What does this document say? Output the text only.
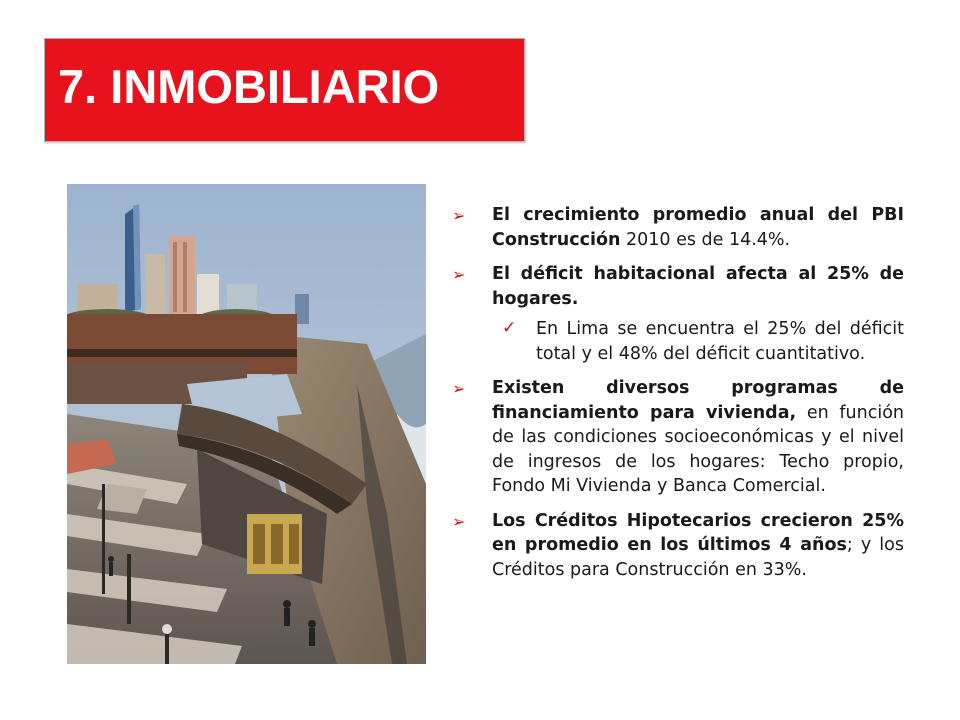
7. INMOBILIARIO
➢ El crecimiento promedio anual del PBI Construcción 2010 es de 14.4%.
➢ El déficit habitacional afecta al 25% de hogares.
✓ En Lima se encuentra el 25% del déficit total y el 48% del déficit cuantitativo.
➢ Existen diversos programas de financiamiento para vivienda, en función de las condiciones socioeconómicas y el nivel de ingresos de los hogares: Techo propio, Fondo Mi Vivienda y Banca Comercial.
➢ Los Créditos Hipotecarios crecieron 25% en promedio en los últimos 4 años; y los Créditos para Construcción en 33%.
